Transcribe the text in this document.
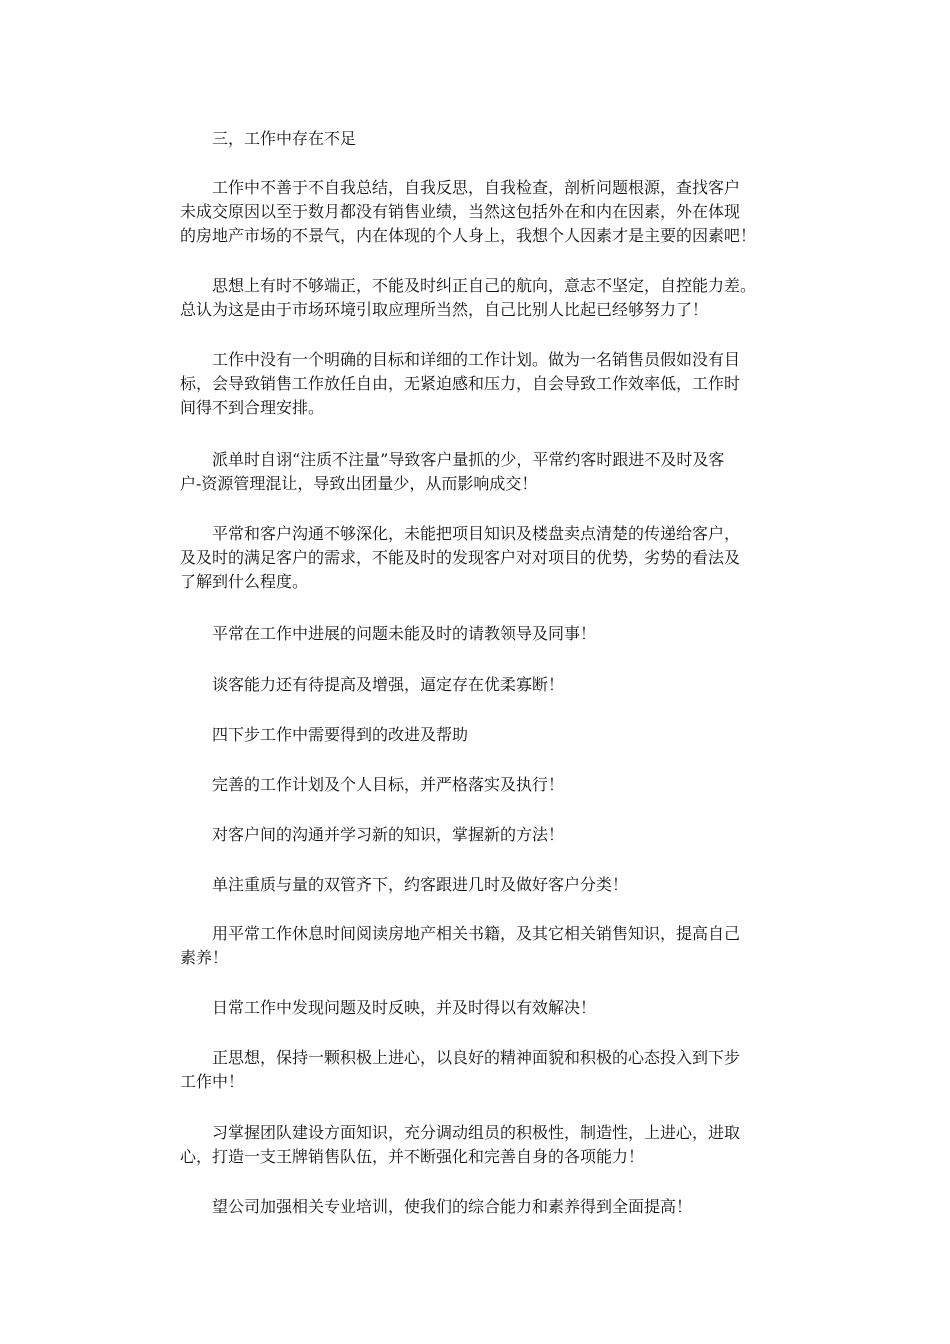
三，工作中存在不足

工作中不善于不自我总结，自我反思，自我检查，剖析问题根源，查找客户
未成交原因以至于数月都没有销售业绩，当然这包括外在和内在因素，外在体现
的房地产市场的不景气，内在体现的个人身上，我想个人因素才是主要的因素吧！

思想上有时不够端正，不能及时纠正自己的航向，意志不坚定，自控能力差。
总认为这是由于市场环境引取应理所当然，自己比别人比起已经够努力了！

工作中没有一个明确的目标和详细的工作计划。做为一名销售员假如没有目
标，会导致销售工作放任自由，无紧迫感和压力，自会导致工作效率低，工作时
间得不到合理安排。

派单时自诩“注质不注量”导致客户量抓的少，平常约客时跟进不及时及客
户-资源管理混让，导致出团量少，从而影响成交！

平常和客户沟通不够深化，未能把项目知识及楼盘卖点清楚的传递给客户，
及及时的满足客户的需求，不能及时的发现客户对对项目的优势，劣势的看法及
了解到什么程度。

平常在工作中进展的问题未能及时的请教领导及同事！

谈客能力还有待提高及增强，逼定存在优柔寡断！

四下步工作中需要得到的改进及帮助

完善的工作计划及个人目标，并严格落实及执行！

对客户间的沟通并学习新的知识，掌握新的方法！

单注重质与量的双管齐下，约客跟进几时及做好客户分类！

用平常工作休息时间阅读房地产相关书籍，及其它相关销售知识，提高自己
素养！

日常工作中发现问题及时反映，并及时得以有效解决！

正思想，保持一颗积极上进心，以良好的精神面貌和积极的心态投入到下步
工作中！

习掌握团队建设方面知识，充分调动组员的积极性，制造性，上进心，进取
心，打造一支王牌销售队伍，并不断强化和完善自身的各项能力！

望公司加强相关专业培训，使我们的综合能力和素养得到全面提高！
